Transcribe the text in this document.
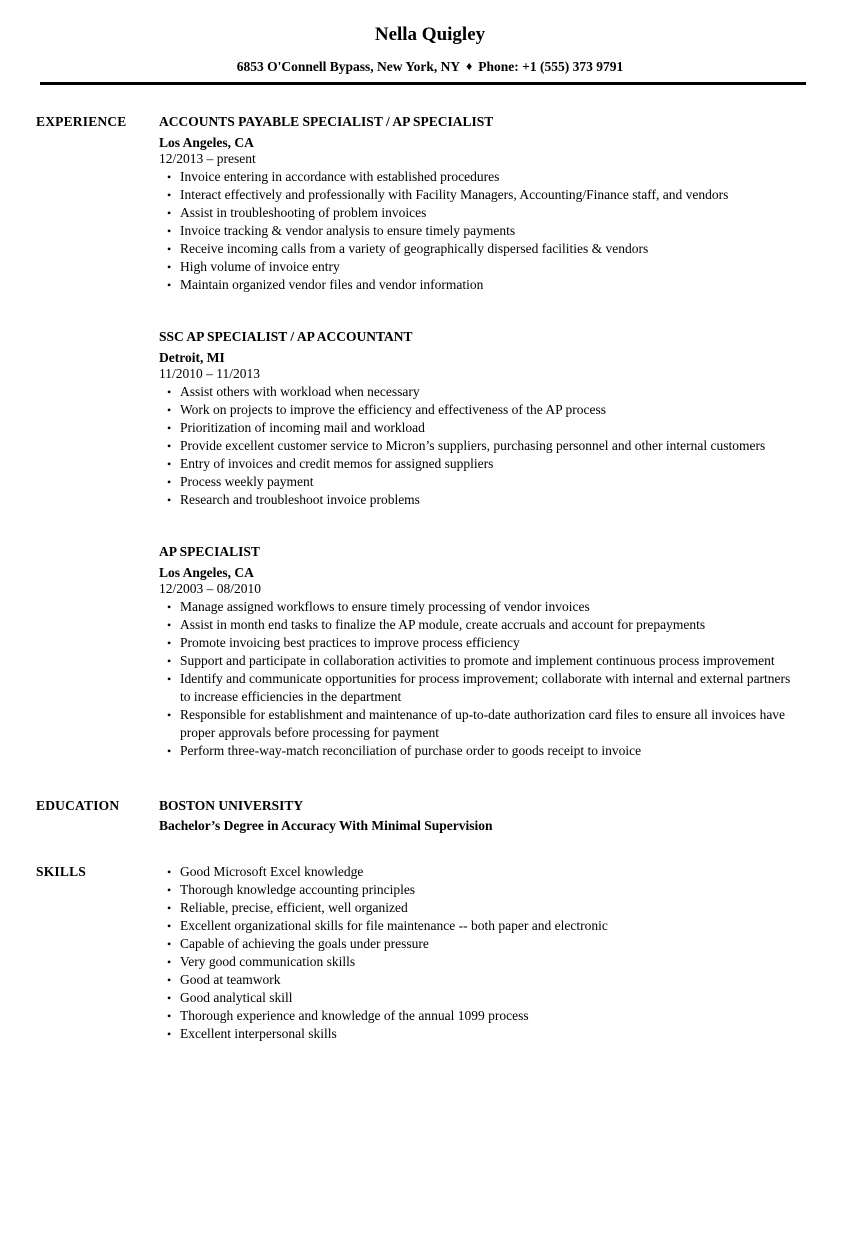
Nella Quigley
6853 O'Connell Bypass, New York, NY ♦ Phone: +1 (555) 373 9791
EXPERIENCE	ACCOUNTS PAYABLE SPECIALIST / AP SPECIALIST
Los Angeles, CA
12/2013 – present
• Invoice entering in accordance with established procedures
• Interact effectively and professionally with Facility Managers, Accounting/Finance staff, and vendors
• Assist in troubleshooting of problem invoices
• Invoice tracking & vendor analysis to ensure timely payments
• Receive incoming calls from a variety of geographically dispersed facilities & vendors
• High volume of invoice entry
• Maintain organized vendor files and vendor information
SSC AP SPECIALIST / AP ACCOUNTANT
Detroit, MI
11/2010 – 11/2013
• Assist others with workload when necessary
• Work on projects to improve the efficiency and effectiveness of the AP process
• Prioritization of incoming mail and workload
• Provide excellent customer service to Micron’s suppliers, purchasing personnel and other internal customers
• Entry of invoices and credit memos for assigned suppliers
• Process weekly payment
• Research and troubleshoot invoice problems
AP SPECIALIST
Los Angeles, CA
12/2003 – 08/2010
• Manage assigned workflows to ensure timely processing of vendor invoices
• Assist in month end tasks to finalize the AP module, create accruals and account for prepayments
• Promote invoicing best practices to improve process efficiency
• Support and participate in collaboration activities to promote and implement continuous process improvement
• Identify and communicate opportunities for process improvement; collaborate with internal and external partners to increase efficiencies in the department
• Responsible for establishment and maintenance of up-to-date authorization card files to ensure all invoices have proper approvals before processing for payment
• Perform three-way-match reconciliation of purchase order to goods receipt to invoice
EDUCATION	BOSTON UNIVERSITY
Bachelor’s Degree in Accuracy With Minimal Supervision
SKILLS	• Good Microsoft Excel knowledge
• Thorough knowledge accounting principles
• Reliable, precise, efficient, well organized
• Excellent organizational skills for file maintenance -- both paper and electronic
• Capable of achieving the goals under pressure
• Very good communication skills
• Good at teamwork
• Good analytical skill
• Thorough experience and knowledge of the annual 1099 process
• Excellent interpersonal skills
